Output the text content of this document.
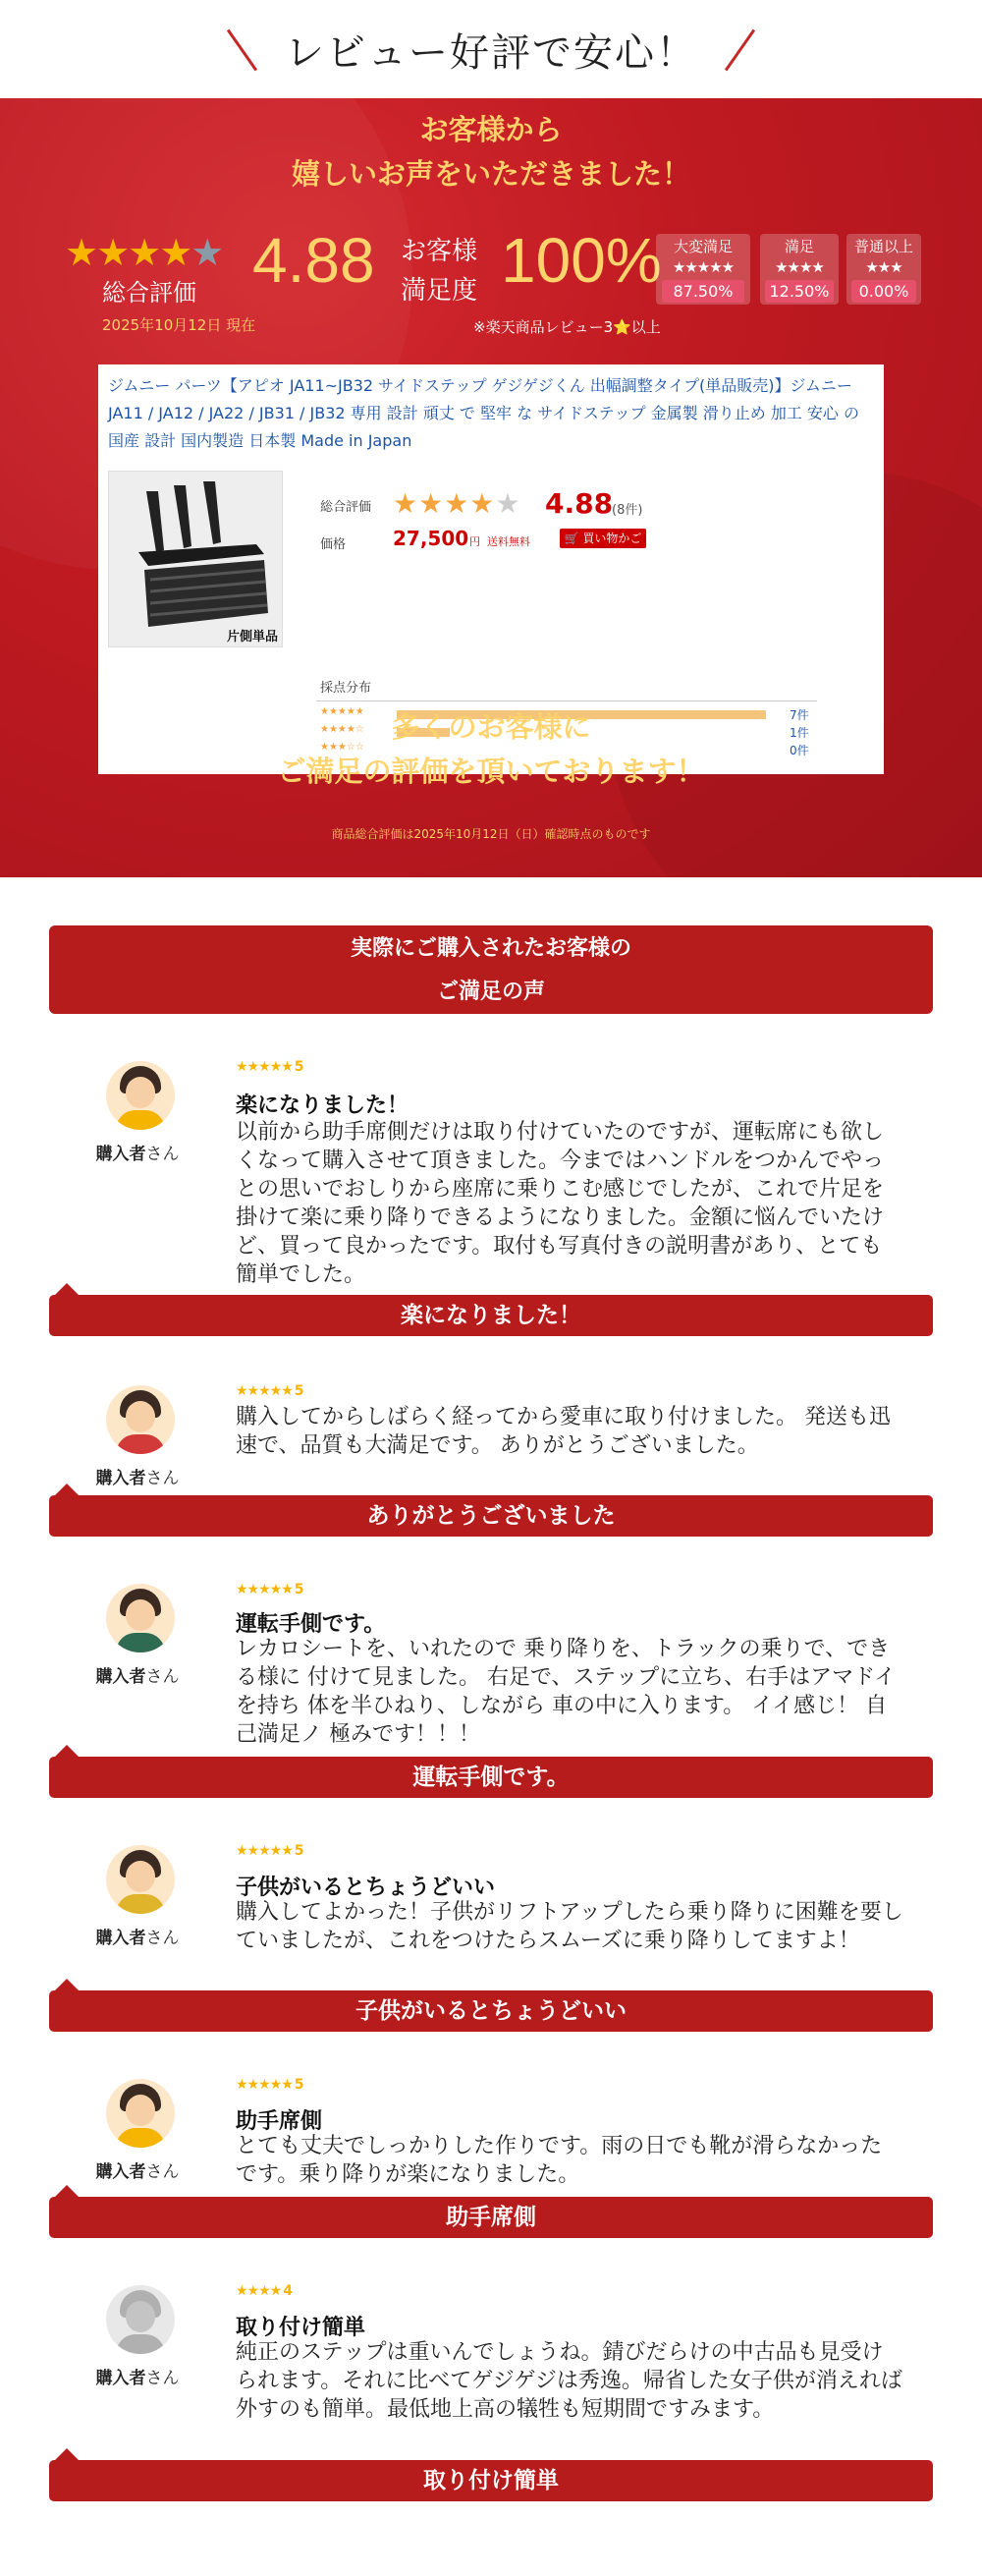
レビュー好評で安心！
お客様から
嬉しいお声をいただきました！
★★★★★
総合評価 4.88 お客様
満足度 100%
2025年10月12日 現在	※楽天商品レビュー3⭐以上
大変満足
★★★★★
87.50%
満足
★★★★
12.50%
普通以上
★★★
0.00%
ジムニー パーツ【アピオ JA11~JB32 サイドステップ ゲジゲジくん 出幅調整タイプ(単品販売)】ジムニー JA11 / JA12 / JA22 / JB31 / JB32 専用 設計 頑丈 で 堅牢 な サイドステップ 金属製 滑り止め 加工 安心 の 国産 設計 国内製造 日本製 Made in Japan
片側単品
総合評価 ★★★★★ 4.88
(8件)
価格 27,500 円 送料無料	🛒 買い物かご
採点分布
★★★★★	7件
★★★★☆	1件
★★★☆☆	0件
多くのお客様に
ご満足の評価を頂いております！
商品総合評価は2025年10月12日（日）確認時点のものです
実際にご購入されたお客様の
ご満足の声
購入者さん
★★★★★ 5
楽になりました！
以前から助手席側だけは取り付けていたのですが、運転席にも欲しくなって購入させて頂きました。今まではハンドルをつかんでやっとの思いでおしりから座席に乗りこむ感じでしたが、これで片足を掛けて楽に乗り降りできるようになりました。金額に悩んでいたけど、買って良かったです。取付も写真付きの説明書があり、とても簡単でした。
楽になりました！
購入者さん
★★★★★ 5
購入してからしばらく経ってから愛車に取り付けました。 発送も迅速で、品質も大満足です。 ありがとうございました。
ありがとうございました
購入者さん
★★★★★ 5
運転手側です。
レカロシートを、いれたので 乗り降りを、トラックの乗りで、できる様に 付けて見ました。 右足で、ステップに立ち、右手はアマドイを持ち 体を半ひねり、しながら 車の中に入ります。 イイ感じ！ 自己満足ノ 極みです！！！
運転手側です。
購入者さん
★★★★★ 5
子供がいるとちょうどいい
購入してよかった！子供がリフトアップしたら乗り降りに困難を要していましたが、これをつけたらスムーズに乗り降りしてますよ！
子供がいるとちょうどいい
購入者さん
★★★★★ 5
助手席側
とても丈夫でしっかりした作りです。雨の日でも靴が滑らなかったです。乗り降りが楽になりました。
助手席側
購入者さん
★★★★ 4
取り付け簡単
純正のステップは重いんでしょうね。錆びだらけの中古品も見受けられます。それに比べてゲジゲジは秀逸。帰省した女子供が消えれば外すのも簡単。最低地上高の犠牲も短期間ですみます。
取り付け簡単
